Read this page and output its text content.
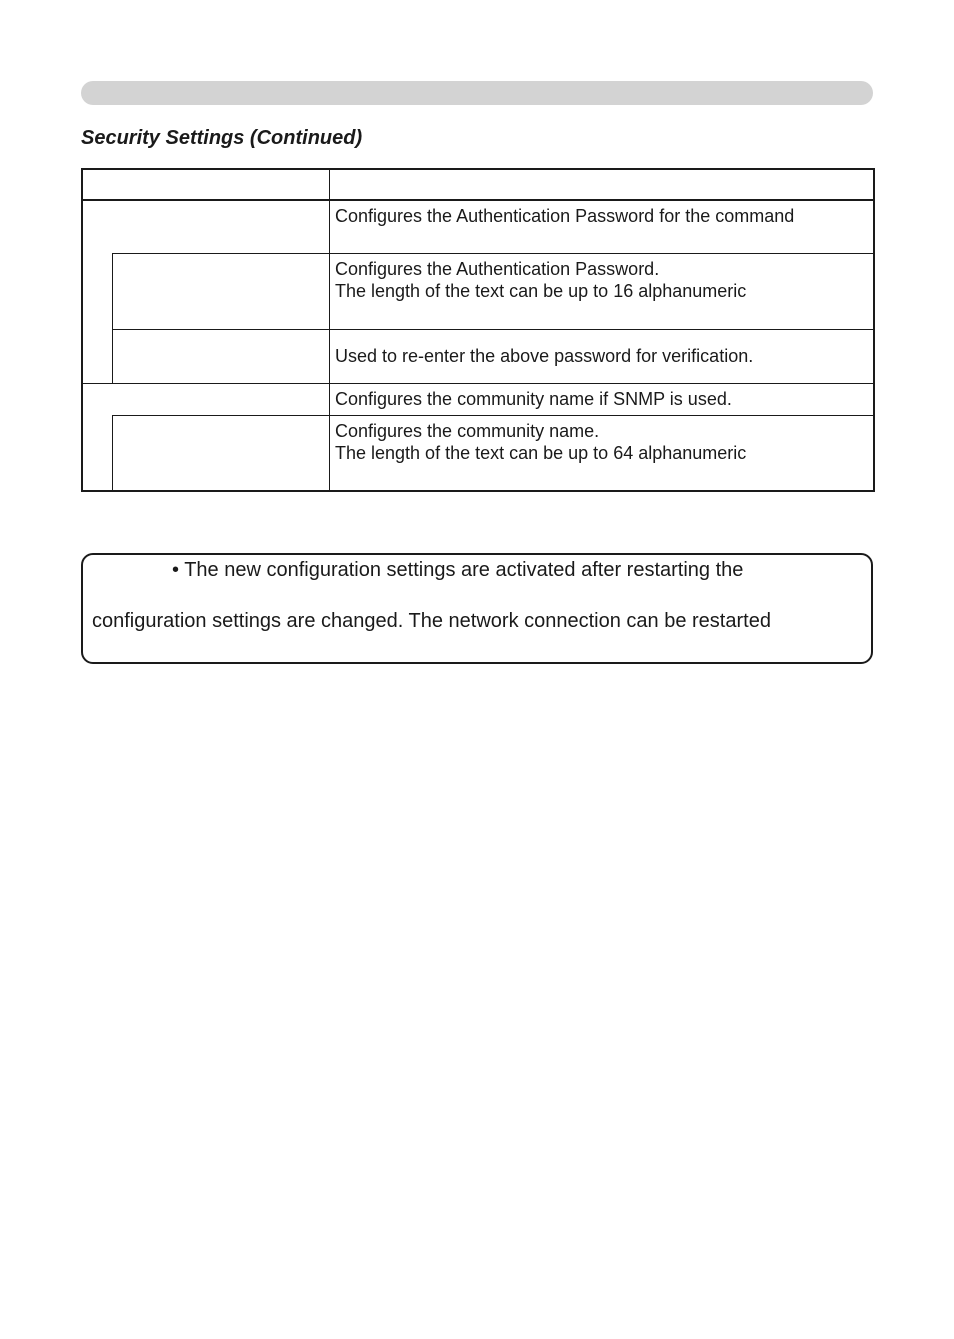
Security Settings (Continued)
Configures the Authentication Password for the command
Configures the Authentication Password.
The length of the text can be up to 16 alphanumeric
Used to re-enter the above password for verification.
Configures the community name if SNMP is used.
Configures the community name.
The length of the text can be up to 64 alphanumeric
• The new configuration settings are activated after restarting the
configuration settings are changed. The network connection can be restarted
